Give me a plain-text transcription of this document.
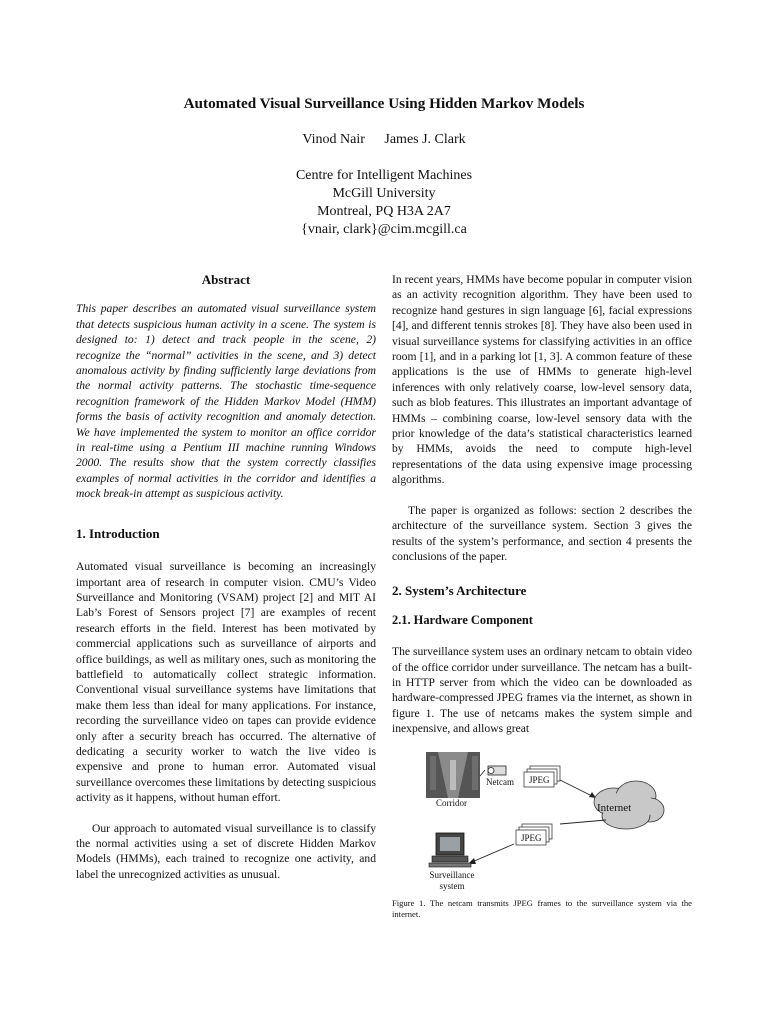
Automated Visual Surveillance Using Hidden Markov Models
Vinod Nair James J. Clark
Centre for Intelligent Machines
McGill University
Montreal, PQ H3A 2A7
{vnair, clark}@cim.mcgill.ca
Abstract

This paper describes an automated visual surveillance system that detects suspicious human activity in a scene. The system is designed to: 1) detect and track people in the scene, 2) recognize the “normal” activities in the scene, and 3) detect anomalous activity by finding sufficiently large deviations from the normal activity patterns. The stochastic time-sequence recognition framework of the Hidden Markov Model (HMM) forms the basis of activity recognition and anomaly detection. We have implemented the system to monitor an office corridor in real-time using a Pentium III machine running Windows 2000. The results show that the system correctly classifies examples of normal activities in the corridor and identifies a mock break-in attempt as suspicious activity.

1. Introduction

Automated visual surveillance is becoming an increasingly important area of research in computer vision. CMU’s Video Surveillance and Monitoring (VSAM) project [2] and MIT AI Lab’s Forest of Sensors project [7] are examples of recent research efforts in the field. Interest has been motivated by commercial applications such as surveillance of airports and office buildings, as well as military ones, such as monitoring the battlefield to automatically collect strategic information. Conventional visual surveillance systems have limitations that make them less than ideal for many applications. For instance, recording the surveillance video on tapes can provide evidence only after a security breach has occurred. The alternative of dedicating a security worker to watch the live video is expensive and prone to human error. Automated visual surveillance overcomes these limitations by detecting suspicious activity as it happens, without human effort.

Our approach to automated visual surveillance is to classify the normal activities using a set of discrete Hidden Markov Models (HMMs), each trained to recognize one activity, and label the unrecognized activities as unusual.

In recent years, HMMs have become popular in computer vision as an activity recognition algorithm. They have been used to recognize hand gestures in sign language [6], facial expressions [4], and different tennis strokes [8]. They have also been used in visual surveillance systems for classifying activities in an office room [1], and in a parking lot [1, 3]. A common feature of these applications is the use of HMMs to generate high-level inferences with only relatively coarse, low-level sensory data, such as blob features. This illustrates an important advantage of HMMs – combining coarse, low-level sensory data with the prior knowledge of the data’s statistical characteristics learned by HMMs, avoids the need to compute high-level representations of the data using expensive image processing algorithms.

The paper is organized as follows: section 2 describes the architecture of the surveillance system. Section 3 gives the results of the system’s performance, and section 4 presents the conclusions of the paper.

2. System’s Architecture
2.1. Hardware Component

The surveillance system uses an ordinary netcam to obtain video of the office corridor under surveillance. The netcam has a built-in HTTP server from which the video can be downloaded as hardware-compressed JPEG frames via the internet, as shown in figure 1. The use of netcams makes the system simple and inexpensive, and allows great

Corridor
Netcam JPEG
Internet
JPEG
Surveillance
system
Figure 1. The netcam transmits JPEG frames to the surveillance system via the internet.
